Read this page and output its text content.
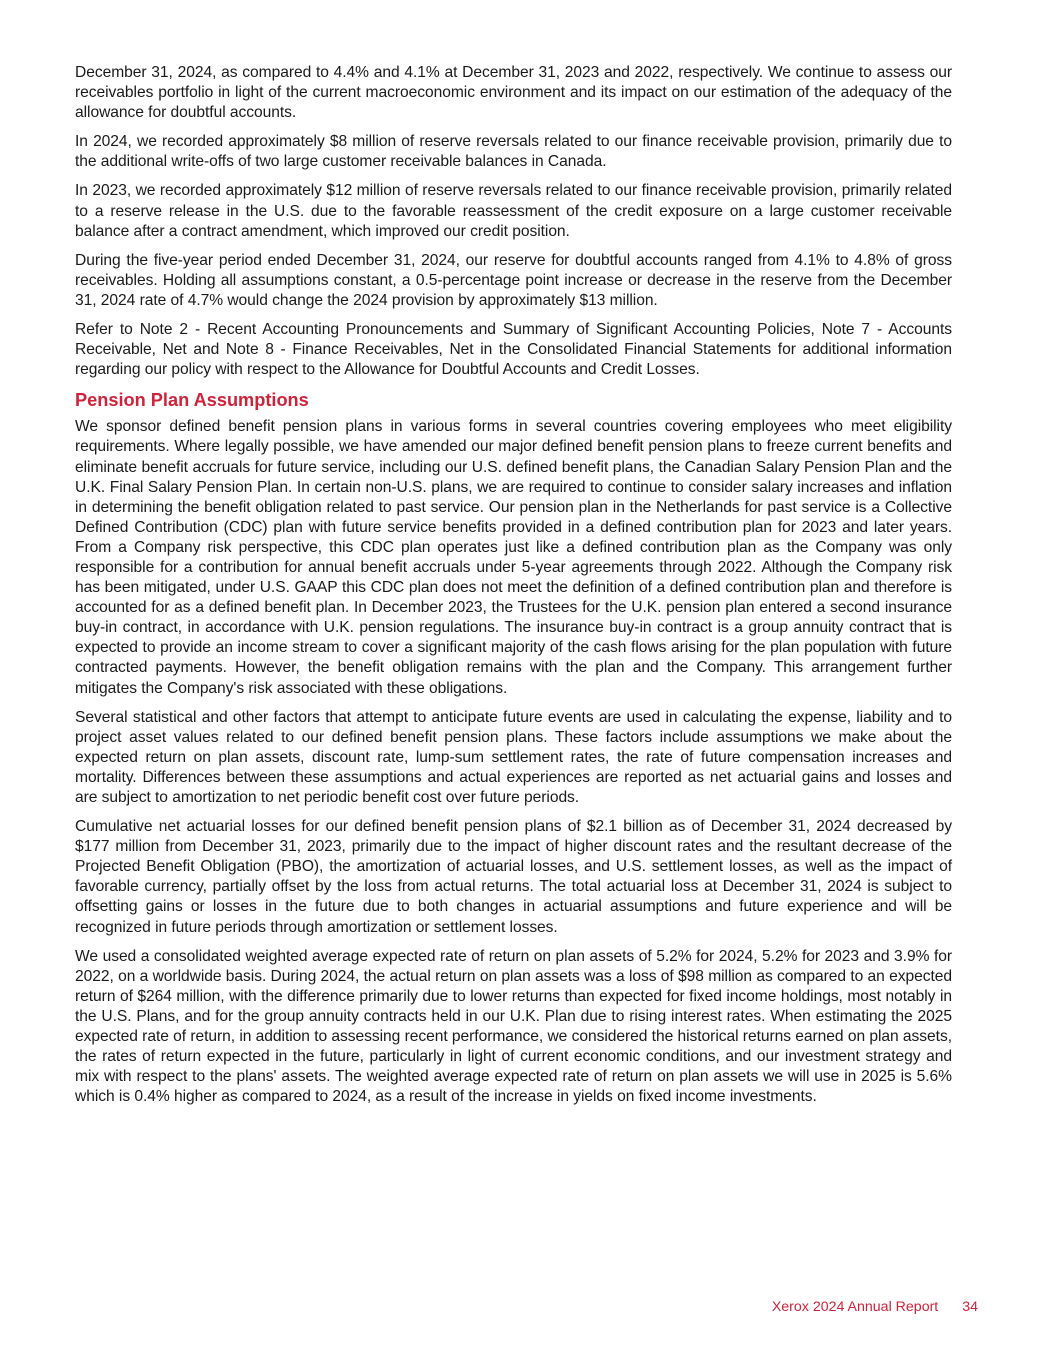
December 31, 2024, as compared to 4.4% and 4.1% at December 31, 2023 and 2022, respectively. We continue to assess our receivables portfolio in light of the current macroeconomic environment and its impact on our estimation of the adequacy of the allowance for doubtful accounts.

In 2024, we recorded approximately $8 million of reserve reversals related to our finance receivable provision, primarily due to the additional write-offs of two large customer receivable balances in Canada.

In 2023, we recorded approximately $12 million of reserve reversals related to our finance receivable provision, primarily related to a reserve release in the U.S. due to the favorable reassessment of the credit exposure on a large customer receivable balance after a contract amendment, which improved our credit position.

During the five-year period ended December 31, 2024, our reserve for doubtful accounts ranged from 4.1% to 4.8% of gross receivables. Holding all assumptions constant, a 0.5-percentage point increase or decrease in the reserve from the December 31, 2024 rate of 4.7% would change the 2024 provision by approximately $13 million.

Refer to Note 2 - Recent Accounting Pronouncements and Summary of Significant Accounting Policies, Note 7 - Accounts Receivable, Net and Note 8 - Finance Receivables, Net in the Consolidated Financial Statements for additional information regarding our policy with respect to the Allowance for Doubtful Accounts and Credit Losses.

Pension Plan Assumptions

We sponsor defined benefit pension plans in various forms in several countries covering employees who meet eligibility requirements. Where legally possible, we have amended our major defined benefit pension plans to freeze current benefits and eliminate benefit accruals for future service, including our U.S. defined benefit plans, the Canadian Salary Pension Plan and the U.K. Final Salary Pension Plan. In certain non-U.S. plans, we are required to continue to consider salary increases and inflation in determining the benefit obligation related to past service. Our pension plan in the Netherlands for past service is a Collective Defined Contribution (CDC) plan with future service benefits provided in a defined contribution plan for 2023 and later years. From a Company risk perspective, this CDC plan operates just like a defined contribution plan as the Company was only responsible for a contribution for annual benefit accruals under 5-year agreements through 2022. Although the Company risk has been mitigated, under U.S. GAAP this CDC plan does not meet the definition of a defined contribution plan and therefore is accounted for as a defined benefit plan. In December 2023, the Trustees for the U.K. pension plan entered a second insurance buy-in contract, in accordance with U.K. pension regulations. The insurance buy-in contract is a group annuity contract that is expected to provide an income stream to cover a significant majority of the cash flows arising for the plan population with future contracted payments. However, the benefit obligation remains with the plan and the Company. This arrangement further mitigates the Company's risk associated with these obligations.

Several statistical and other factors that attempt to anticipate future events are used in calculating the expense, liability and to project asset values related to our defined benefit pension plans. These factors include assumptions we make about the expected return on plan assets, discount rate, lump-sum settlement rates, the rate of future compensation increases and mortality. Differences between these assumptions and actual experiences are reported as net actuarial gains and losses and are subject to amortization to net periodic benefit cost over future periods.

Cumulative net actuarial losses for our defined benefit pension plans of $2.1 billion as of December 31, 2024 decreased by $177 million from December 31, 2023, primarily due to the impact of higher discount rates and the resultant decrease of the Projected Benefit Obligation (PBO), the amortization of actuarial losses, and U.S. settlement losses, as well as the impact of favorable currency, partially offset by the loss from actual returns. The total actuarial loss at December 31, 2024 is subject to offsetting gains or losses in the future due to both changes in actuarial assumptions and future experience and will be recognized in future periods through amortization or settlement losses.

We used a consolidated weighted average expected rate of return on plan assets of 5.2% for 2024, 5.2% for 2023 and 3.9% for 2022, on a worldwide basis. During 2024, the actual return on plan assets was a loss of $98 million as compared to an expected return of $264 million, with the difference primarily due to lower returns than expected for fixed income holdings, most notably in the U.S. Plans, and for the group annuity contracts held in our U.K. Plan due to rising interest rates. When estimating the 2025 expected rate of return, in addition to assessing recent performance, we considered the historical returns earned on plan assets, the rates of return expected in the future, particularly in light of current economic conditions, and our investment strategy and mix with respect to the plans' assets. The weighted average expected rate of return on plan assets we will use in 2025 is 5.6% which is 0.4% higher as compared to 2024, as a result of the increase in yields on fixed income investments.

Xerox 2024 Annual Report 34
